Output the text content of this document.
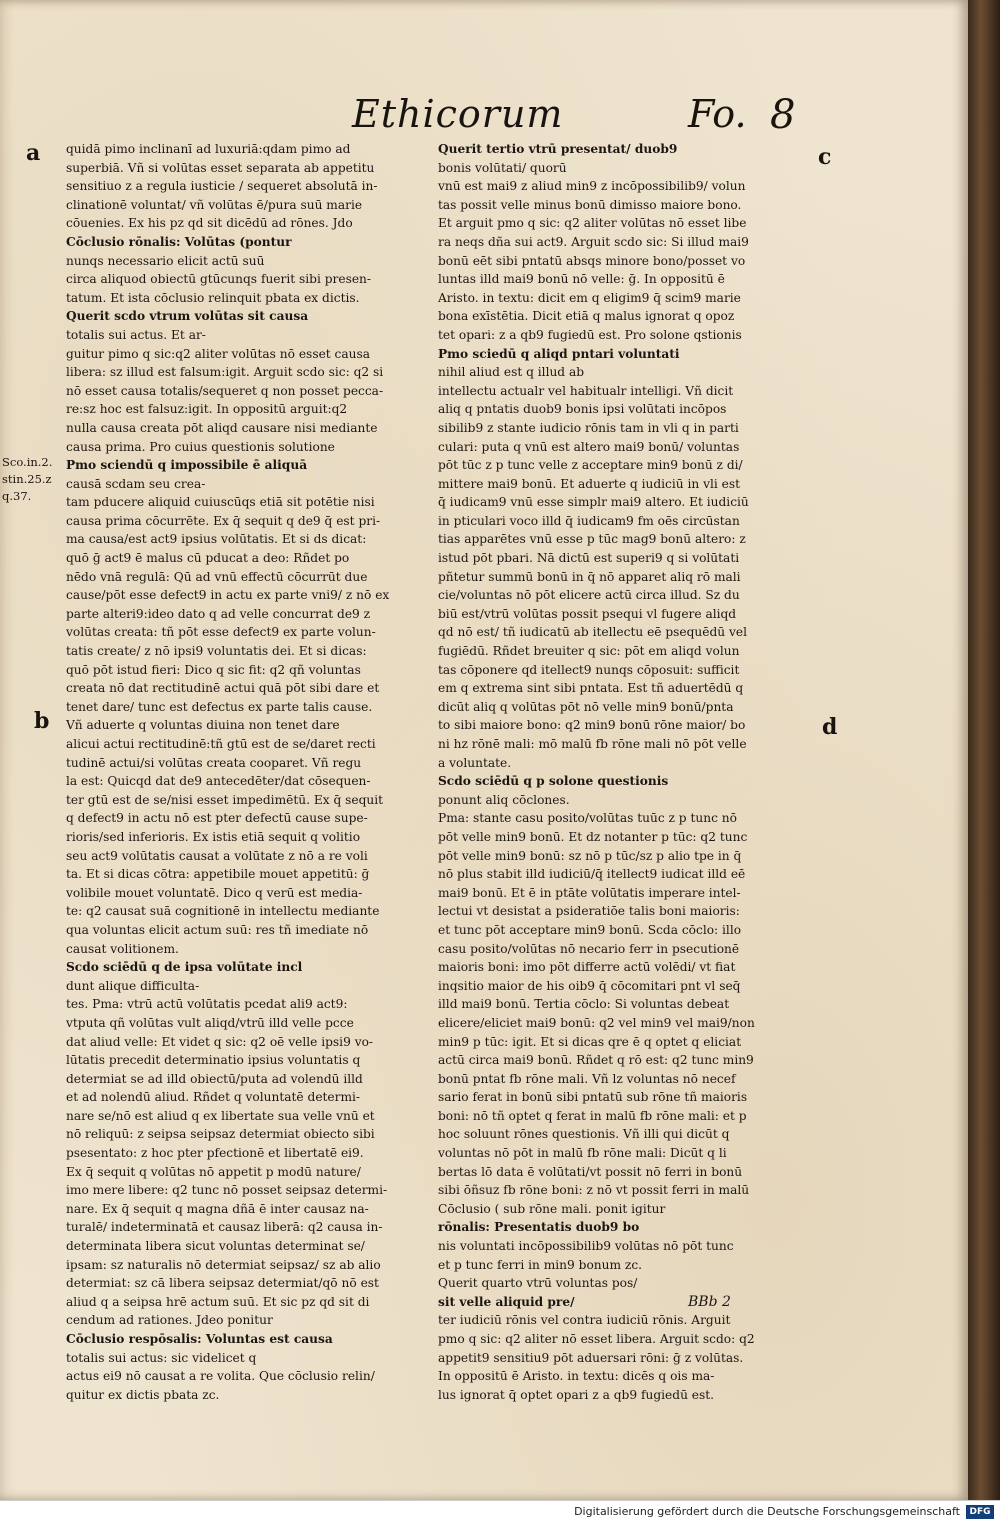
Ethicorum	Fo. 8
a	c
b	d
Sco.in.2.
stin.25.z
q.37.
quidā pimo inclinanī ad luxuriā:qdam pimo ad
superbiā. Vñ si volūtas esset separata ab appetitu
sensitiuo z a regula iusticie / sequeret absolutā in-
clinationē voluntat/ vñ volūtas ē/pura suū marie
cōuenies. Ex his pz qd sit dicēdū ad rōnes. Jdo
Cōclusio rōnalis: Volūtas (pontur
nunqs necessario elicit actū suū
circa aliquod obiectū gtūcunqs fuerit sibi presen-
tatum. Et ista cōclusio relinquit pbata ex dictis.
Querit scdo vtrum volūtas sit causa
totalis sui actus. Et ar-
guitur pimo q sic:q2 aliter volūtas nō esset causa
libera: sz illud est falsum:igit. Arguit scdo sic: q2 si
nō esset causa totalis/sequeret q non posset pecca-
re:sz hoc est falsuz:igit. In oppositū arguit:q2
nulla causa creata pōt aliqd causare nisi mediante
causa prima. Pro cuius questionis solutione
Pmo sciendū q impossibile ē aliquā
causā scdam seu crea-
tam pducere aliquid cuiuscūqs etiā sit potētie nisi
causa prima cōcurrēte. Ex q̄ sequit q de9 q̄ est pri-
ma causa/est act9 ipsius volūtatis. Et si ds dicat:
quō ḡ act9 ē malus cū pducat a deo: Rñdet po
nēdo vnā regulā: Qū ad vnū effectū cōcurrūt due
cause/pōt esse defect9 in actu ex parte vni9/ z nō ex
parte alteri9:ideo dato q ad velle concurrat de9 z
volūtas creata: tñ pōt esse defect9 ex parte volun-
tatis create/ z nō ipsi9 voluntatis dei. Et si dicas:
quō pōt istud fieri: Dico q sic fit: q2 qñ voluntas
creata nō dat rectitudinē actui quā pōt sibi dare et
tenet dare/ tunc est defectus ex parte talis cause.
Vñ aduerte q voluntas diuina non tenet dare
alicui actui rectitudinē:tñ gtū est de se/daret recti
tudinē actui/si volūtas creata cooparet. Vñ regu
la est: Quicqd dat de9 antecedēter/dat cōsequen-
ter gtū est de se/nisi esset impedimētū. Ex q̄ sequit
q defect9 in actu nō est pter defectū cause supe-
rioris/sed inferioris. Ex istis etiā sequit q volitio
seu act9 volūtatis causat a volūtate z nō a re voli
ta. Et si dicas cōtra: appetibile mouet appetitū: ḡ
volibile mouet voluntatē. Dico q verū est media-
te: q2 causat suā cognitionē in intellectu mediante
qua voluntas elicit actum suū: res tñ imediate nō
causat volitionem.
Scdo sciēdū q de ipsa volūtate incl
dunt alique difficulta-
tes. Pma: vtrū actū volūtatis pcedat ali9 act9:
vtputa qñ volūtas vult aliqd/vtrū illd velle pcce
dat aliud velle: Et videt q sic: q2 oē velle ipsi9 vo-
lūtatis precedit determinatio ipsius voluntatis q
determiat se ad illd obiectū/puta ad volendū illd
et ad nolendū aliud. Rñdet q voluntatē determi-
nare se/nō est aliud q ex libertate sua velle vnū et
nō reliquū: z seipsa seipsaz determiat obiecto sibi
psesentato: z hoc pter pfectionē et libertatē ei9.
Ex q̄ sequit q volūtas nō appetit p modū nature/
imo mere libere: q2 tunc nō posset seipsaz determi-
nare. Ex q̄ sequit q magna dñā ē inter causaz na-
turalē/ indeterminatā et causaz liberā: q2 causa in-
determinata libera sicut voluntas determinat se/
ipsam: sz naturalis nō determiat seipsaz/ sz ab alio
determiat: sz cā libera seipsaz determiat/qō nō est
aliud q a seipsa hrē actum suū. Et sic pz qd sit di
cendum ad rationes. Jdeo ponitur
Cōclusio respōsalis: Voluntas est causa
totalis sui actus: sic videlicet q
actus ei9 nō causat a re volita. Que cōclusio relin/
quitur ex dictis pbata zc.
Querit tertio vtrū presentat/ duob9
bonis volūtati/ quorū
vnū est mai9 z aliud min9 z incōpossibilib9/ volun
tas possit velle minus bonū dimisso maiore bono.
Et arguit pmo q sic: q2 aliter volūtas nō esset libe
ra neqs dña sui act9. Arguit scdo sic: Si illud mai9
bonū eēt sibi pntatū absqs minore bono/posset vo
luntas illd mai9 bonū nō velle: ḡ. In oppositū ē
Aristo. in textu: dicit em q eligim9 q̄ scim9 marie
bona exīstētia. Dicit etiā q malus ignorat q opoz
tet opari: z a qb9 fugiedū est. Pro solone qstionis
Pmo sciedū q aliqd pntari voluntati
nihil aliud est q illud ab
intellectu actualr vel habitualr intelligi. Vñ dicit
aliq q pntatis duob9 bonis ipsi volūtati incōpos
sibilib9 z stante iudicio rōnis tam in vli q in parti
culari: puta q vnū est altero mai9 bonū/ voluntas
pōt tūc z p tunc velle z acceptare min9 bonū z di/
mittere mai9 bonū. Et aduerte q iudiciū in vli est
q̄ iudicam9 vnū esse simplr mai9 altero. Et iudiciū
in pticulari voco illd q̄ iudicam9 fm oēs circūstan
tias apparētes vnū esse p tūc mag9 bonū altero: z
istud pōt pbari. Nā dictū est superi9 q si volūtati
pñtetur summū bonū in q̄ nō apparet aliq rō mali
cie/voluntas nō pōt elicere actū circa illud. Sz du
biū est/vtrū volūtas possit psequi vl fugere aliqd
qd nō est/ tñ iudicatū ab itellectu eē psequēdū vel
fugiēdū. Rñdet breuiter q sic: pōt em aliqd volun
tas cōponere qd itellect9 nunqs cōposuit: sufficit
em q extrema sint sibi pntata. Est tñ aduertēdū q
dicūt aliq q volūtas pōt nō velle min9 bonū/pnta
to sibi maiore bono: q2 min9 bonū rōne maior/ bo
ni hz rōnē mali: mō malū fb rōne mali nō pōt velle
a voluntate.
Scdo sciēdū q p solone questionis
ponunt aliq cōclones.
Pma: stante casu posito/volūtas tuūc z p tunc nō
pōt velle min9 bonū. Et dz notanter p tūc: q2 tunc
pōt velle min9 bonū: sz nō p tūc/sz p alio tpe in q̄
nō plus stabit illd iudiciū/q̄ itellect9 iudicat illd eē
mai9 bonū. Et ē in ptāte volūtatis imperare intel-
lectui vt desistat a psideratiōe talis boni maioris:
et tunc pōt acceptare min9 bonū. Scda cōclo: illo
casu posito/volūtas nō necario ferr in psecutionē
maioris boni: imo pōt differre actū volēdi/ vt fiat
inqsitio maior de his oib9 q̄ cōcomitari pnt vl seq̄
illd mai9 bonū. Tertia cōclo: Si voluntas debeat
elicere/eliciet mai9 bonū: q2 vel min9 vel mai9/non
min9 p tūc: igit. Et si dicas qre ē q optet q eliciat
actū circa mai9 bonū. Rñdet q rō est: q2 tunc min9
bonū pntat fb rōne mali. Vñ lz voluntas nō necef
sario ferat in bonū sibi pntatū sub rōne tñ maioris
boni: nō tñ optet q ferat in malū fb rōne mali: et p
hoc soluunt rōnes questionis. Vñ illi qui dicūt q
voluntas nō pōt in malū fb rōne mali: Dicūt q li
bertas lō data ē volūtati/vt possit nō ferri in bonū
sibi ōñsuz fb rōne boni: z nō vt possit ferri in malū
Cōclusio ( sub rōne mali. ponit igitur
rōnalis: Presentatis duob9 bo
nis voluntati incōpossibilib9 volūtas nō pōt tunc
et p tunc ferri in min9 bonum zc.
Querit quarto vtrū voluntas pos/
sit velle aliquid pre/
ter iudiciū rōnis vel contra iudiciū rōnis. Arguit
pmo q sic: q2 aliter nō esset libera. Arguit scdo: q2
appetit9 sensitiu9 pōt aduersari rōni: ḡ z volūtas.
In oppositū ē Aristo. in textu: dicēs q ois ma-
lus ignorat q̄ optet opari z a qb9 fugiedū est.
BBb 2
Digitalisierung gefördert durch die Deutsche Forschungsgemeinschaft	DFG
